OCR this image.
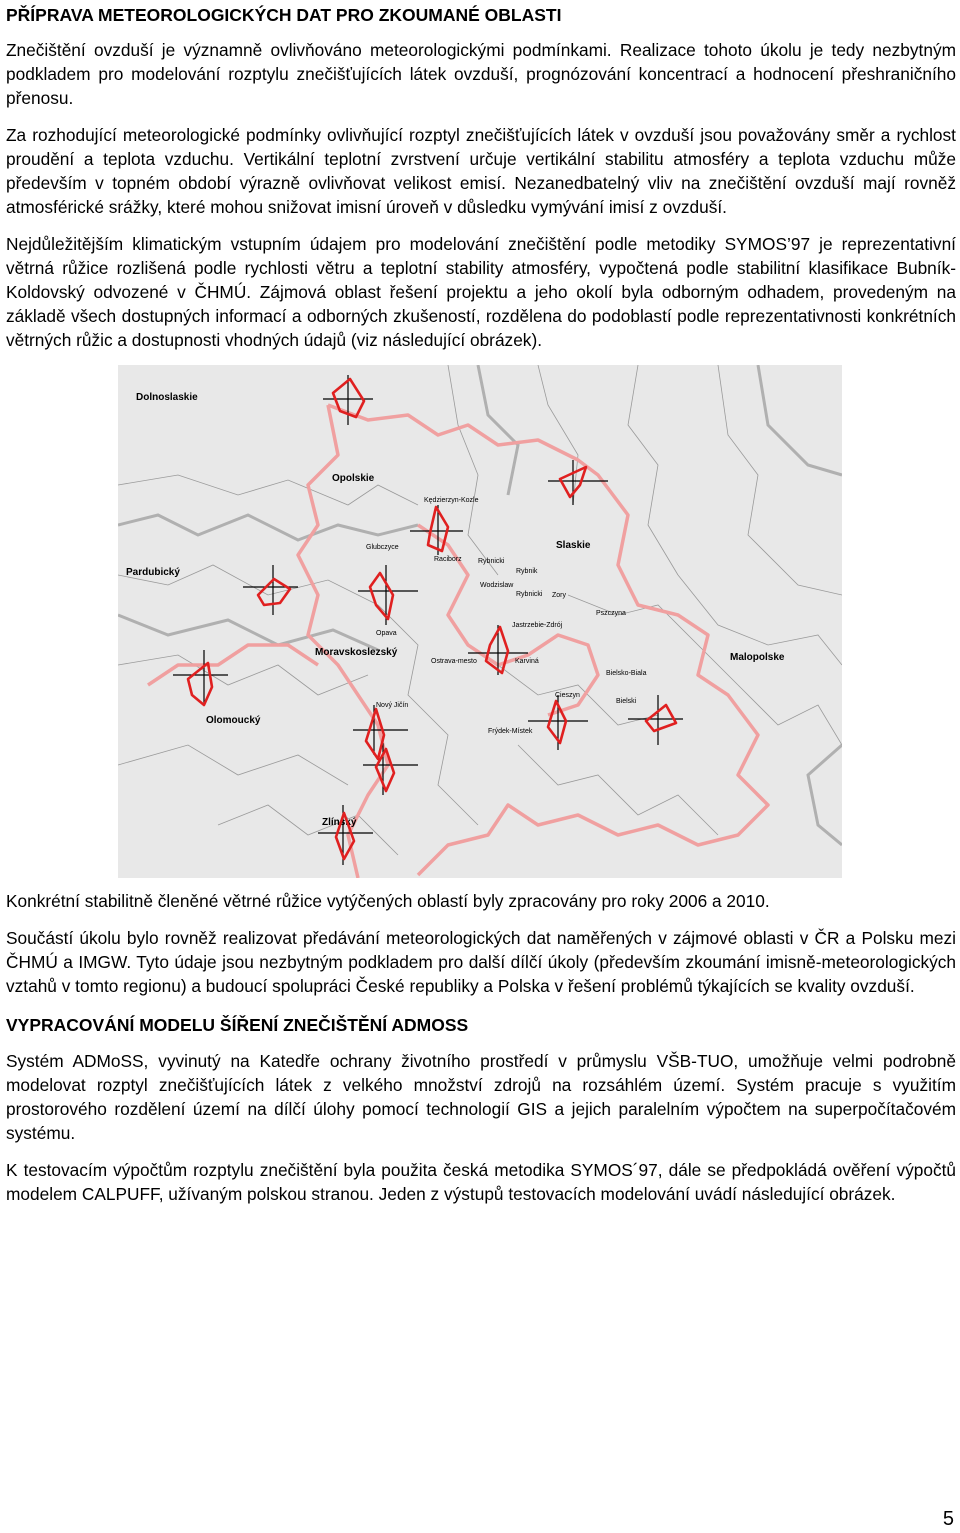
PŘÍPRAVA METEOROLOGICKÝCH DAT PRO ZKOUMANÉ OBLASTI

Znečištění ovzduší je významně ovlivňováno meteorologickými podmínkami. Realizace tohoto úkolu je tedy nezbytným podkladem pro modelování rozptylu znečišťujících látek ovzduší, prognózování koncentrací a hodnocení přeshraničního přenosu.

Za rozhodující meteorologické podmínky ovlivňující rozptyl znečišťujících látek v ovzduší jsou považovány směr a rychlost proudění a teplota vzduchu. Vertikální teplotní zvrstvení určuje vertikální stabilitu atmosféry a teplota vzduchu může především v topném období výrazně ovlivňovat velikost emisí. Nezanedbatelný vliv na znečištění ovzduší mají rovněž atmosférické srážky, které mohou snižovat imisní úroveň v důsledku vymývání imisí z ovzduší.

Nejdůležitějším klimatickým vstupním údajem pro modelování znečištění podle metodiky SYMOS’97 je reprezentativní větrná růžice rozlišená podle rychlosti větru a teplotní stability atmosféry, vypočtená podle stabilitní klasifikace Bubník-Koldovský odvozené v ČHMÚ. Zájmová oblast řešení projektu a jeho okolí byla odborným odhadem, provedeným na základě všech dostupných informací a odborných zkušeností, rozdělena do podoblastí podle reprezentativnosti konkrétních větrných růžic a dostupnosti vhodných údajů (viz následující obrázek).

Dolnoslaskie
Opolskie
Pardubický
Slaskie
Moravskoslezský	Malopolske
Olomoucký
Zlínský
Kędzierzyn-Kozle
Glubczyce
Raciborz Rybnicki
Rybnik
Wodzislaw
Rybnicki Zory
Pszczyna
Jastrzebie-Zdrój
Opava
Ostrava-mesto	Karviná
Bielsko-Biala
Cieszyn
Bielski
Nový Jičín
Frýdek-Místek

Konkrétní stabilitně členěné větrné růžice vytýčených oblastí byly zpracovány pro roky 2006 a 2010.

Součástí úkolu bylo rovněž realizovat předávání meteorologických dat naměřených v zájmové oblasti v ČR a Polsku mezi ČHMÚ a IMGW. Tyto údaje jsou nezbytným podkladem pro další dílčí úkoly (především zkoumání imisně-meteorologických vztahů v tomto regionu) a budoucí spolupráci České republiky a Polska v řešení problémů týkajících se kvality ovzduší.

VYPRACOVÁNÍ MODELU ŠÍŘENÍ ZNEČIŠTĚNÍ ADMOSS

Systém ADMoSS, vyvinutý na Katedře ochrany životního prostředí v průmyslu VŠB-TUO, umožňuje velmi podrobně modelovat rozptyl znečišťujících látek z velkého množství zdrojů na rozsáhlém území. Systém pracuje s využitím prostorového rozdělení území na dílčí úlohy pomocí technologií GIS a jejich paralelním výpočtem na superpočítačovém systému.

K testovacím výpočtům rozptylu znečištění byla použita česká metodika SYMOS´97, dále se předpokládá ověření výpočtů modelem CALPUFF, užívaným polskou stranou. Jeden z výstupů testovacích modelování uvádí následující obrázek.

5
